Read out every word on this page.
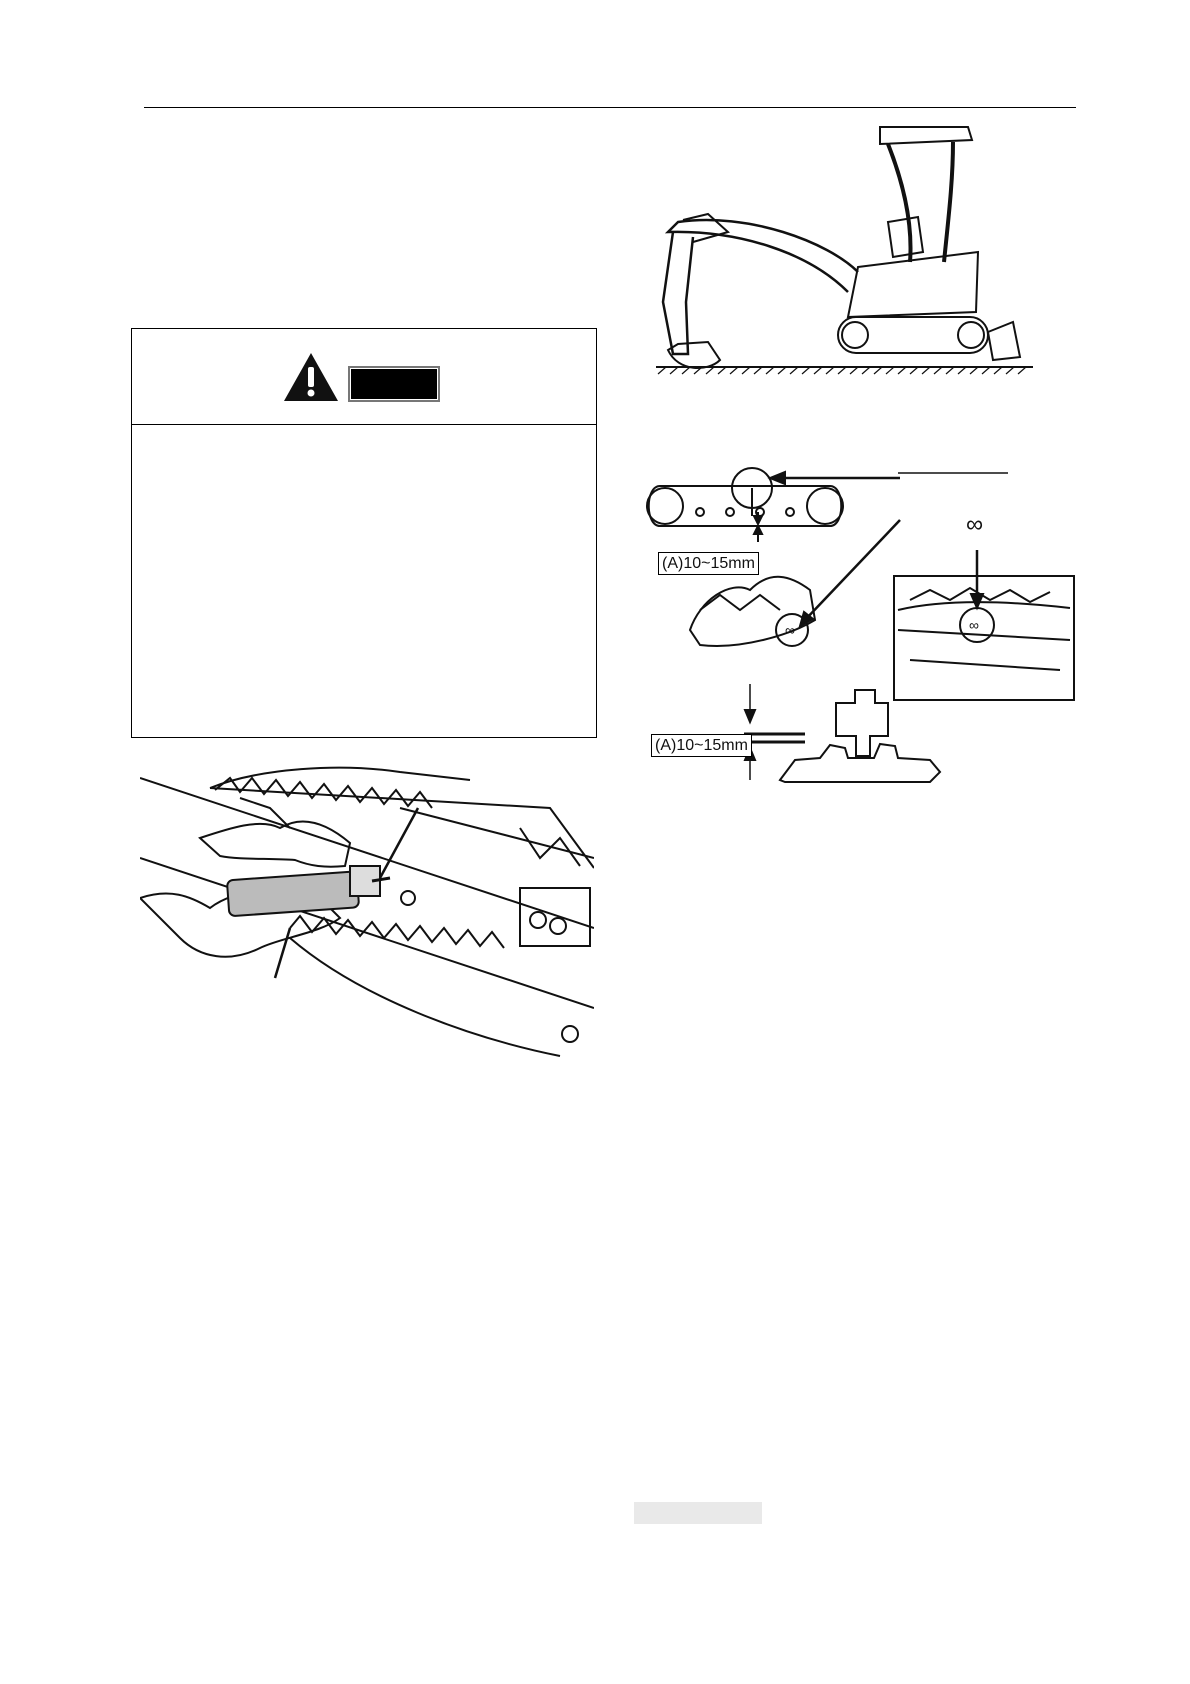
∞	∞
(A)10~15mm
(A)10~15mm
∞
